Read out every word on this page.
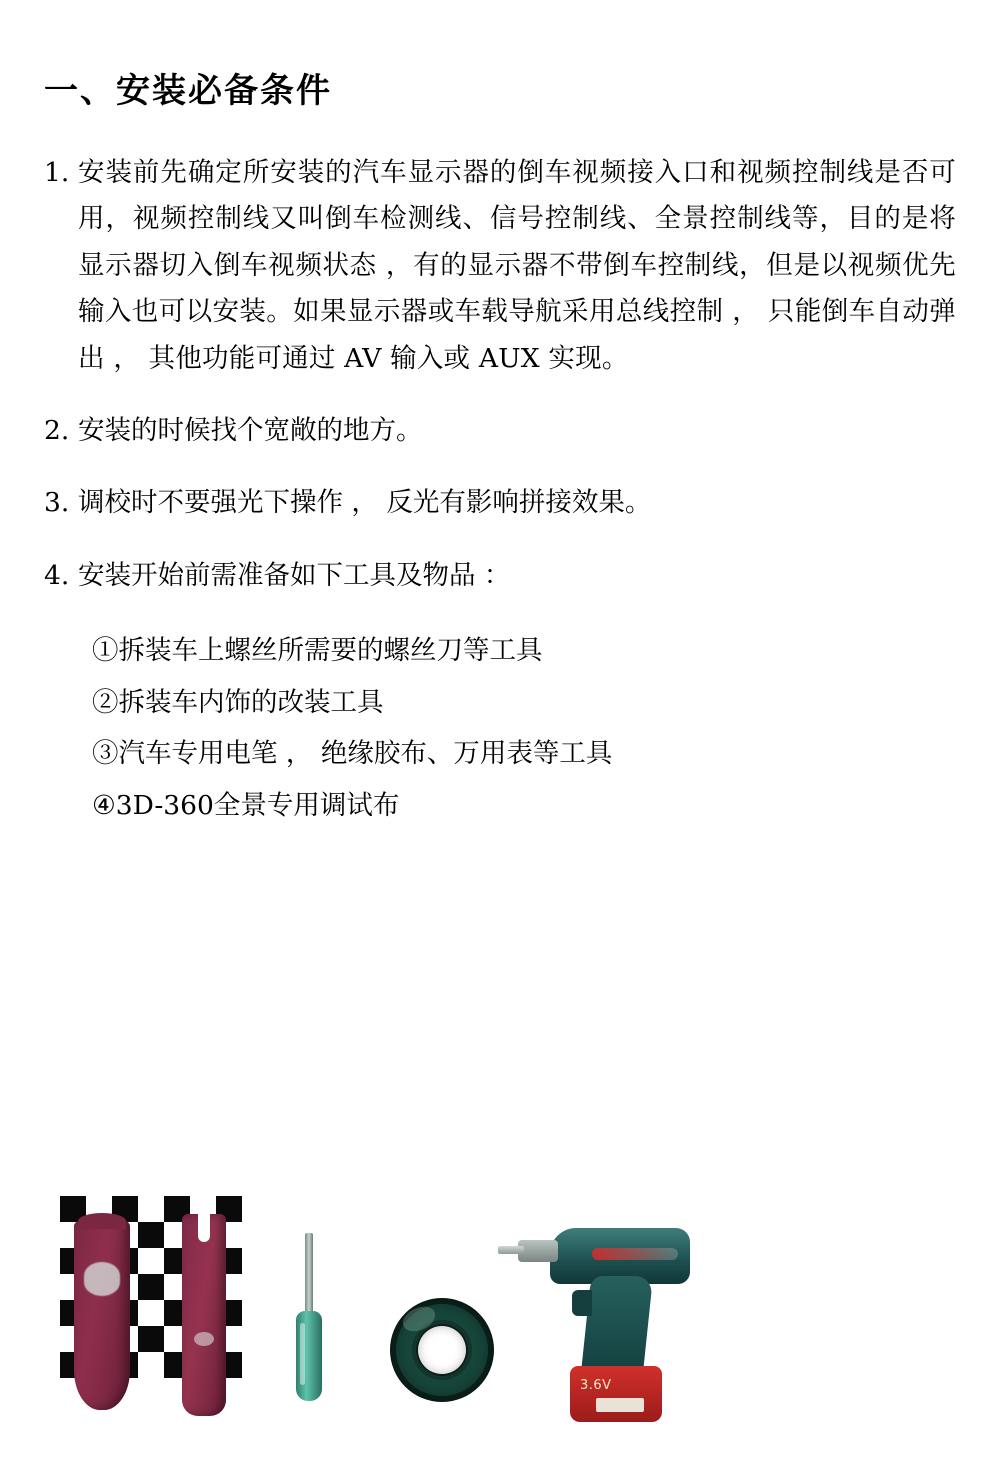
一、安装必备条件
1. 安装前先确定所安装的汽车显示器的倒车视频接入口和视频控制线是否可用，视频控制线又叫倒车检测线、信号控制线、全景控制线等，目的是将显示器切入倒车视频状态 ，有的显示器不带倒车控制线，但是以视频优先输入也可以安装。如果显示器或车载导航采用总线控制 ， 只能倒车自动弹出 ， 其他功能可通过 AV 输入或 AUX 实现。
2. 安装的时候找个宽敞的地方。
3. 调校时不要强光下操作 ， 反光有影响拼接效果。
4. 安装开始前需准备如下工具及物品 ：
①拆装车上螺丝所需要的螺丝刀等工具
②拆装车内饰的改装工具
③汽车专用电笔 ， 绝缘胶布、万用表等工具
④3D-360全景专用调试布
3.6V
